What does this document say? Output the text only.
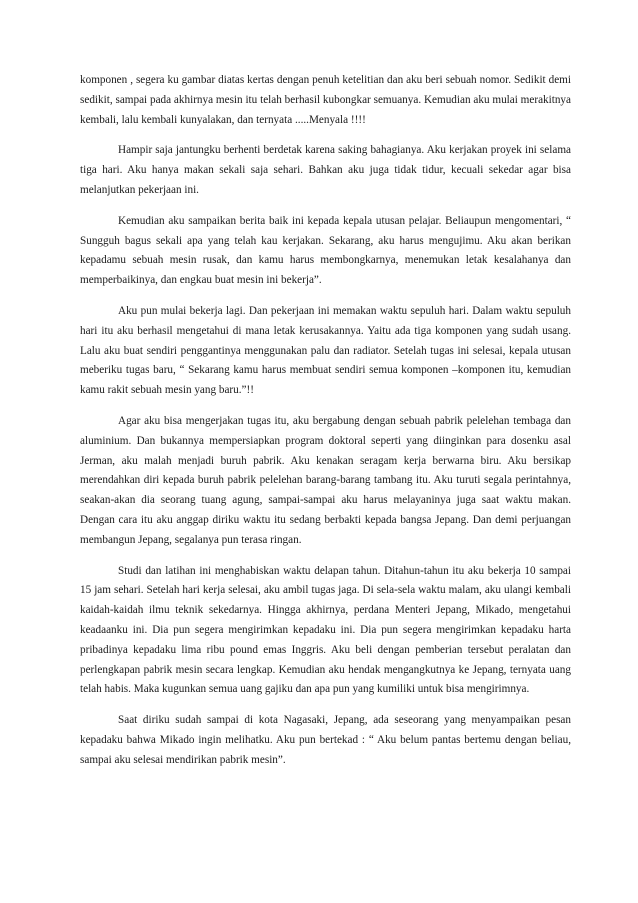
komponen , segera ku gambar diatas kertas dengan penuh ketelitian dan aku beri sebuah nomor. Sedikit demi sedikit, sampai pada akhirnya mesin itu telah berhasil kubongkar semuanya. Kemudian aku mulai merakitnya kembali, lalu kembali kunyalakan, dan ternyata .....Menyala !!!!

Hampir saja jantungku berhenti berdetak karena saking bahagianya. Aku kerjakan proyek ini selama tiga hari. Aku hanya makan sekali saja sehari. Bahkan aku juga tidak tidur, kecuali sekedar agar bisa melanjutkan pekerjaan ini.

Kemudian aku sampaikan berita baik ini kepada kepala utusan pelajar. Beliaupun mengomentari, “ Sungguh bagus sekali apa yang telah kau kerjakan. Sekarang, aku harus mengujimu. Aku akan berikan kepadamu sebuah mesin rusak, dan kamu harus membongkarnya, menemukan letak kesalahanya dan memperbaikinya, dan engkau buat mesin ini bekerja”.

Aku pun mulai bekerja lagi. Dan pekerjaan ini memakan waktu sepuluh hari. Dalam waktu sepuluh hari itu aku berhasil mengetahui di mana letak kerusakannya. Yaitu ada tiga komponen yang sudah usang. Lalu aku buat sendiri penggantinya menggunakan palu dan radiator. Setelah tugas ini selesai, kepala utusan meberiku tugas baru, “ Sekarang kamu harus membuat sendiri semua komponen –komponen itu, kemudian kamu rakit sebuah mesin yang baru.”!!

Agar aku bisa mengerjakan tugas itu, aku bergabung dengan sebuah pabrik pelelehan tembaga dan aluminium. Dan bukannya mempersiapkan program doktoral seperti yang diinginkan para dosenku asal Jerman, aku malah menjadi buruh pabrik. Aku kenakan seragam kerja berwarna biru. Aku bersikap merendahkan diri kepada buruh pabrik pelelehan barang-barang tambang itu. Aku turuti segala perintahnya, seakan-akan dia seorang tuang agung, sampai-sampai aku harus melayaninya juga saat waktu makan. Dengan cara itu aku anggap diriku waktu itu sedang berbakti kepada bangsa Jepang. Dan demi perjuangan membangun Jepang, segalanya pun terasa ringan.

Studi dan latihan ini menghabiskan waktu delapan tahun. Ditahun-tahun itu aku bekerja 10 sampai 15 jam sehari. Setelah hari kerja selesai, aku ambil tugas jaga. Di sela-sela waktu malam, aku ulangi kembali kaidah-kaidah ilmu teknik sekedarnya. Hingga akhirnya, perdana Menteri Jepang, Mikado, mengetahui keadaanku ini. Dia pun segera mengirimkan kepadaku ini. Dia pun segera mengirimkan kepadaku harta pribadinya kepadaku lima ribu pound emas Inggris. Aku beli dengan pemberian tersebut peralatan dan perlengkapan pabrik mesin secara lengkap. Kemudian aku hendak mengangkutnya ke Jepang, ternyata uang telah habis. Maka kugunkan semua uang gajiku dan apa pun yang kumiliki untuk bisa mengirimnya.

Saat diriku sudah sampai di kota Nagasaki, Jepang, ada seseorang yang menyampaikan pesan kepadaku bahwa Mikado ingin melihatku. Aku pun bertekad : “ Aku belum pantas bertemu dengan beliau, sampai aku selesai mendirikan pabrik mesin”.
